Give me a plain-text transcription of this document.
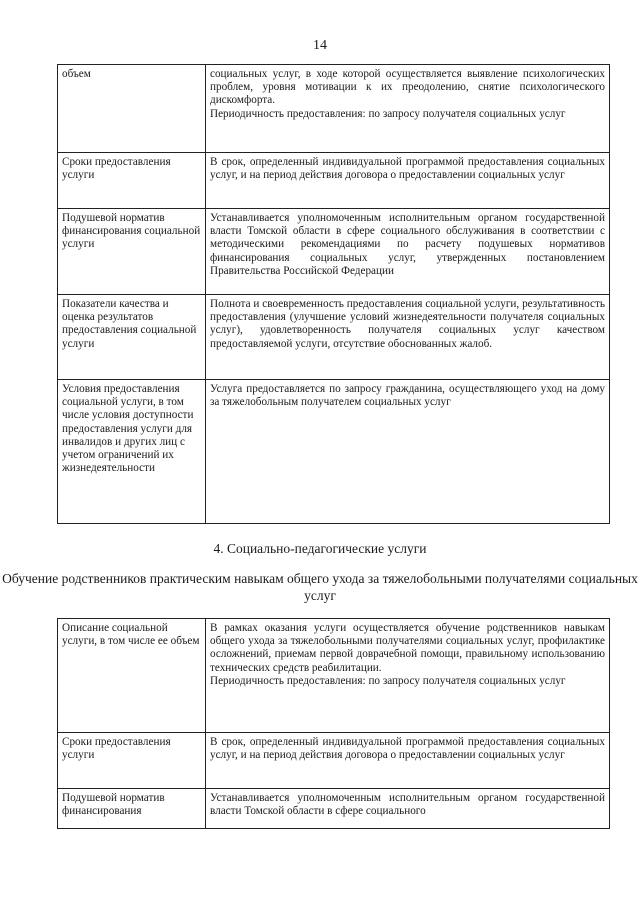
14
объем	социальных услуг, в ходе которой осуществляется выявление психологических проблем, уровня мотивации к их преодолению, снятие психологического дискомфорта.
Периодичность предоставления: по запросу получателя социальных услуг

Сроки предоставления услуги	В срок, определенный индивидуальной программой предоставления социальных услуг, и на период действия договора о предоставлении социальных услуг
Подушевой норматив финансирования социальной услуги	Устанавливается уполномоченным исполнительным органом государственной власти Томской области в сфере социального обслуживания в соответствии с методическими рекомендациями по расчету подушевых нормативов финансирования социальных услуг, утвержденных постановлением Правительства Российской Федерации
Показатели качества и оценка результатов предоставления социальной услуги	Полнота и своевременность предоставления социальной услуги, результативность предоставления (улучшение условий жизнедеятельности получателя социальных услуг), удовлетворенность получателя социальных услуг качеством предоставляемой услуги, отсутствие обоснованных жалоб.
Условия предоставления социальной услуги, в том числе условия доступности предоставления услуги для инвалидов и других лиц с учетом ограничений их жизнедеятельности	Услуга предоставляется по запросу гражданина, осуществляющего уход на дому за тяжелобольным получателем социальных услуг
4. Социально-педагогические услуги
Обучение родственников практическим навыкам общего ухода за тяжелобольными получателями социальных услуг
Описание социальной услуги, в том числе ее объем	В рамках оказания услуги осуществляется обучение родственников навыкам общего ухода за тяжелобольными получателями социальных услуг, профилактике осложнений, приемам первой доврачебной помощи, правильному использованию технических средств реабилитации.
Периодичность предоставления: по запросу получателя социальных услуг

Сроки предоставления услуги	В срок, определенный индивидуальной программой предоставления социальных услуг, и на период действия договора о предоставлении социальных услуг
Подушевой норматив финансирования	Устанавливается уполномоченным исполнительным органом государственной власти Томской области в сфере социального
